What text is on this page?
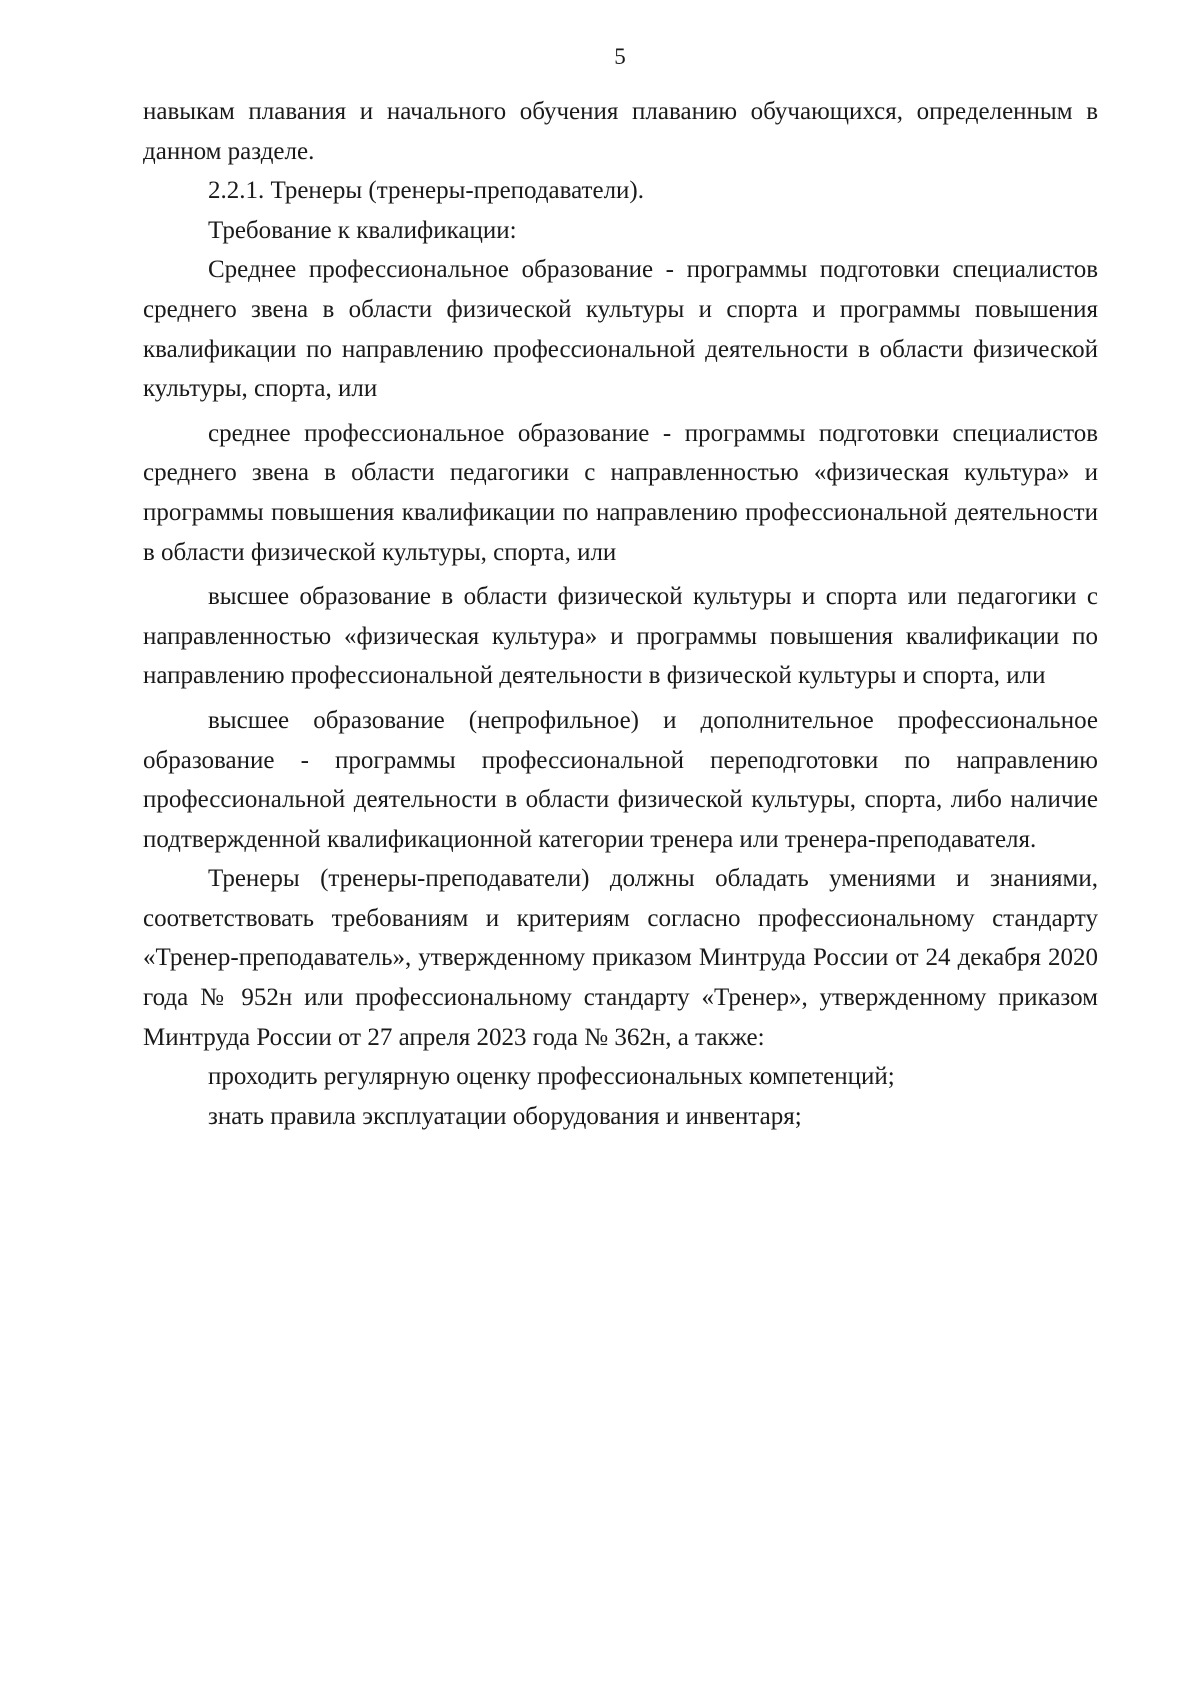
5

навыкам плавания и начального обучения плаванию обучающихся, определенным в данном разделе.

2.2.1. Тренеры (тренеры-преподаватели).

Требование к квалификации:

Среднее профессиональное образование - программы подготовки специалистов среднего звена в области физической культуры и спорта и программы повышения квалификации по направлению профессиональной деятельности в области физической культуры, спорта, или

среднее профессиональное образование - программы подготовки специалистов среднего звена в области педагогики с направленностью «физическая культура» и программы повышения квалификации по направлению профессиональной деятельности в области физической культуры, спорта, или

высшее образование в области физической культуры и спорта или педагогики с направленностью «физическая культура» и программы повышения квалификации по направлению профессиональной деятельности в физической культуры и спорта, или

высшее образование (непрофильное) и дополнительное профессиональное образование - программы профессиональной переподготовки по направлению профессиональной деятельности в области физической культуры, спорта, либо наличие подтвержденной квалификационной категории тренера или тренера-преподавателя.

Тренеры (тренеры-преподаватели) должны обладать умениями и знаниями, соответствовать требованиям и критериям согласно профессиональному стандарту «Тренер-преподаватель», утвержденному приказом Минтруда России от 24 декабря 2020 года № 952н или профессиональному стандарту «Тренер», утвержденному приказом Минтруда России от 27 апреля 2023 года № 362н, а также:

проходить регулярную оценку профессиональных компетенций;

знать правила эксплуатации оборудования и инвентаря;
